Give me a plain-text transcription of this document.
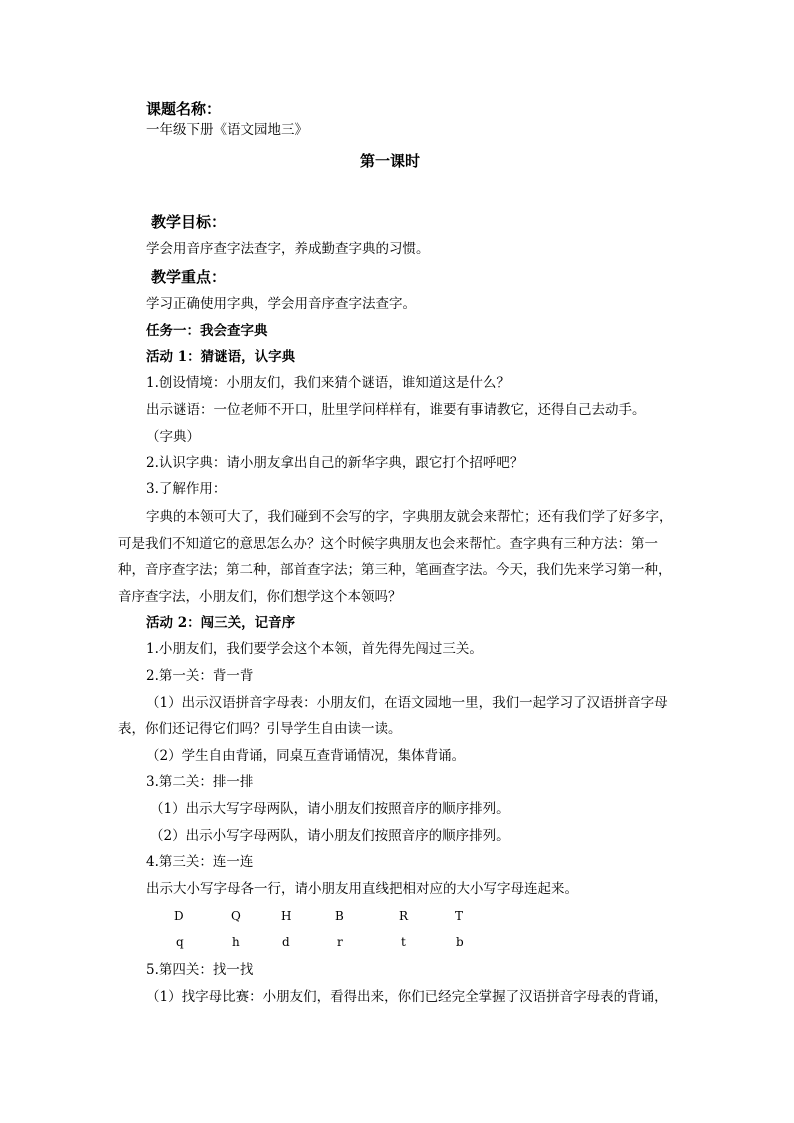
课题名称：
一年级下册《语文园地三》
第一课时
教学目标：
学会用音序查字法查字，养成勤查字典的习惯。
教学重点：
学习正确使用字典，学会用音序查字法查字。
任务一：我会查字典
活动 1：猜谜语，认字典
1.创设情境：小朋友们，我们来猜个谜语，谁知道这是什么？
出示谜语：一位老师不开口，肚里学问样样有，谁要有事请教它，还得自己去动手。
（字典）
2.认识字典：请小朋友拿出自己的新华字典，跟它打个招呼吧？
3.了解作用：
字典的本领可大了，我们碰到不会写的字，字典朋友就会来帮忙；还有我们学了好多字，可是我们不知道它的意思怎么办？这个时候字典朋友也会来帮忙。查字典有三种方法：第一种，音序查字法；第二种，部首查字法；第三种，笔画查字法。今天，我们先来学习第一种，音序查字法，小朋友们，你们想学这个本领吗？
活动 2：闯三关，记音序
1.小朋友们，我们要学会这个本领，首先得先闯过三关。
2.第一关：背一背
（1）出示汉语拼音字母表：小朋友们，在语文园地一里，我们一起学习了汉语拼音字母
表，你们还记得它们吗？引导学生自由读一读。
（2）学生自由背诵，同桌互查背诵情况，集体背诵。
3.第二关：排一排
（1）出示大写字母两队，请小朋友们按照音序的顺序排列。
（2）出示小写字母两队，请小朋友们按照音序的顺序排列。
4.第三关：连一连
出示大小写字母各一行，请小朋友用直线把相对应的大小写字母连起来。
D	Q	H	B	R	T
q	h	d	r	t	b
5.第四关：找一找
（1）找字母比赛：小朋友们，看得出来，你们已经完全掌握了汉语拼音字母表的背诵，
